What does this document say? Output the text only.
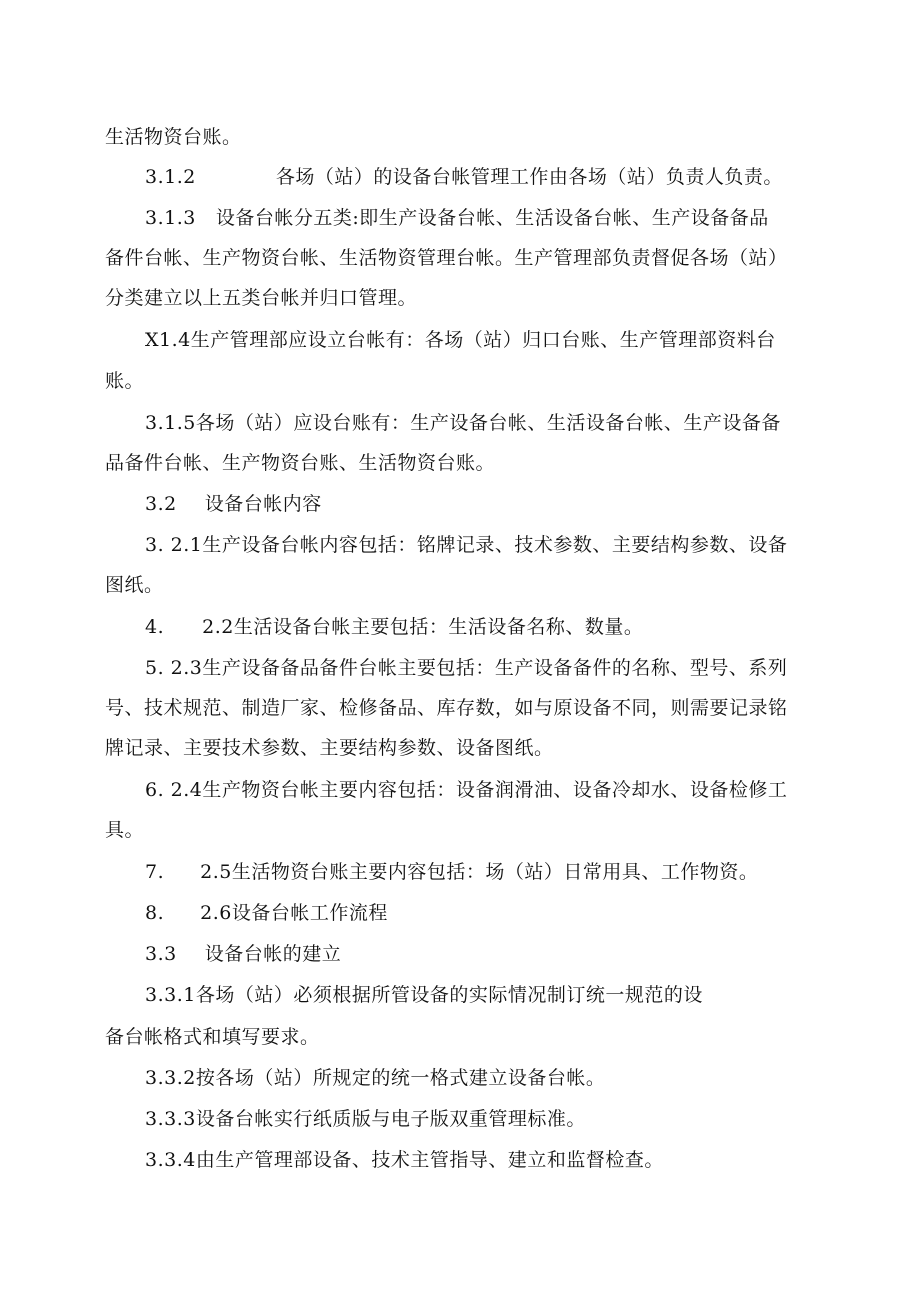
生活物资台账。
3.1.2	各场（站）的设备台帐管理工作由各场（站）负责人负责。
3.1.3 设备台帐分五类:即生产设备台帐、生活设备台帐、生产设备备品
备件台帐、生产物资台帐、生活物资管理台帐。生产管理部负责督促各场（站）
分类建立以上五类台帐并归口管理。
X1.4生产管理部应设立台帐有：各场（站）归口台账、生产管理部资料台
账。
3.1.5各场（站）应设台账有：生产设备台帐、生活设备台帐、生产设备备
品备件台帐、生产物资台账、生活物资台账。
3.2 设备台帐内容
3. 2.1生产设备台帐内容包括：铭牌记录、技术参数、主要结构参数、设备
图纸。
4. 2.2生活设备台帐主要包括：生活设备名称、数量。
5. 2.3生产设备备品备件台帐主要包括：生产设备备件的名称、型号、系列
号、技术规范、制造厂家、检修备品、库存数，如与原设备不同，则需要记录铭
牌记录、主要技术参数、主要结构参数、设备图纸。
6. 2.4生产物资台帐主要内容包括：设备润滑油、设备冷却水、设备检修工
具。
7. 2.5生活物资台账主要内容包括：场（站）日常用具、工作物资。
8. 2.6设备台帐工作流程
3.3 设备台帐的建立
3.3.1各场（站）必须根据所管设备的实际情况制订统一规范的设
备台帐格式和填写要求。
3.3.2按各场（站）所规定的统一格式建立设备台帐。
3.3.3设备台帐实行纸质版与电子版双重管理标准。
3.3.4由生产管理部设备、技术主管指导、建立和监督检查。
